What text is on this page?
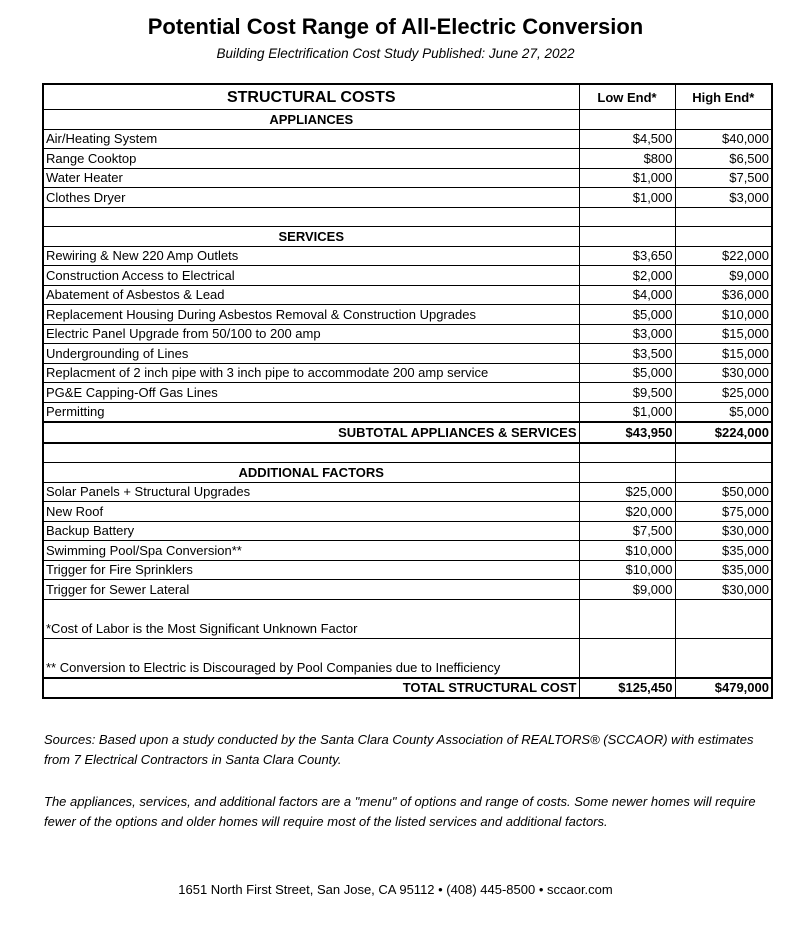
Potential Cost Range of All-Electric Conversion
Building Electrification Cost Study Published: June 27, 2022
STRUCTURAL COSTS	Low End*	High End*
APPLIANCES		
Air/Heating System	$4,500	$40,000
Range Cooktop	$800	$6,500
Water Heater	$1,000	$7,500
Clothes Dryer	$1,000	$3,000

SERVICES		
Rewiring & New 220 Amp Outlets	$3,650	$22,000
Construction Access to Electrical	$2,000	$9,000
Abatement of Asbestos & Lead	$4,000	$36,000
Replacement Housing During Asbestos Removal & Construction Upgrades	$5,000	$10,000
Electric Panel Upgrade from 50/100 to 200 amp	$3,000	$15,000
Undergrounding of Lines	$3,500	$15,000
Replacment of 2 inch pipe with 3 inch pipe to accommodate 200 amp service	$5,000	$30,000
PG&E Capping-Off Gas Lines	$9,500	$25,000
Permitting	$1,000	$5,000
SUBTOTAL APPLIANCES & SERVICES	$43,950	$224,000

ADDITIONAL FACTORS		
Solar Panels + Structural Upgrades	$25,000	$50,000
New Roof	$20,000	$75,000
Backup Battery	$7,500	$30,000
Swimming Pool/Spa Conversion**	$10,000	$35,000
Trigger for Fire Sprinklers	$10,000	$35,000
Trigger for Sewer Lateral	$9,000	$30,000
*Cost of Labor is the Most Significant Unknown Factor		
** Conversion to Electric is Discouraged by Pool Companies due to Inefficiency		
TOTAL STRUCTURAL COST	$125,450	$479,000
Sources: Based upon a study conducted by the Santa Clara County Association of REALTORS® (SCCAOR) with estimates from 7 Electrical Contractors in Santa Clara County.
The appliances, services, and additional factors are a "menu" of options and range of costs. Some newer homes will require fewer of the options and older homes will require most of the listed services and additional factors.
1651 North First Street, San Jose, CA 95112 • (408) 445-8500 • sccaor.com
